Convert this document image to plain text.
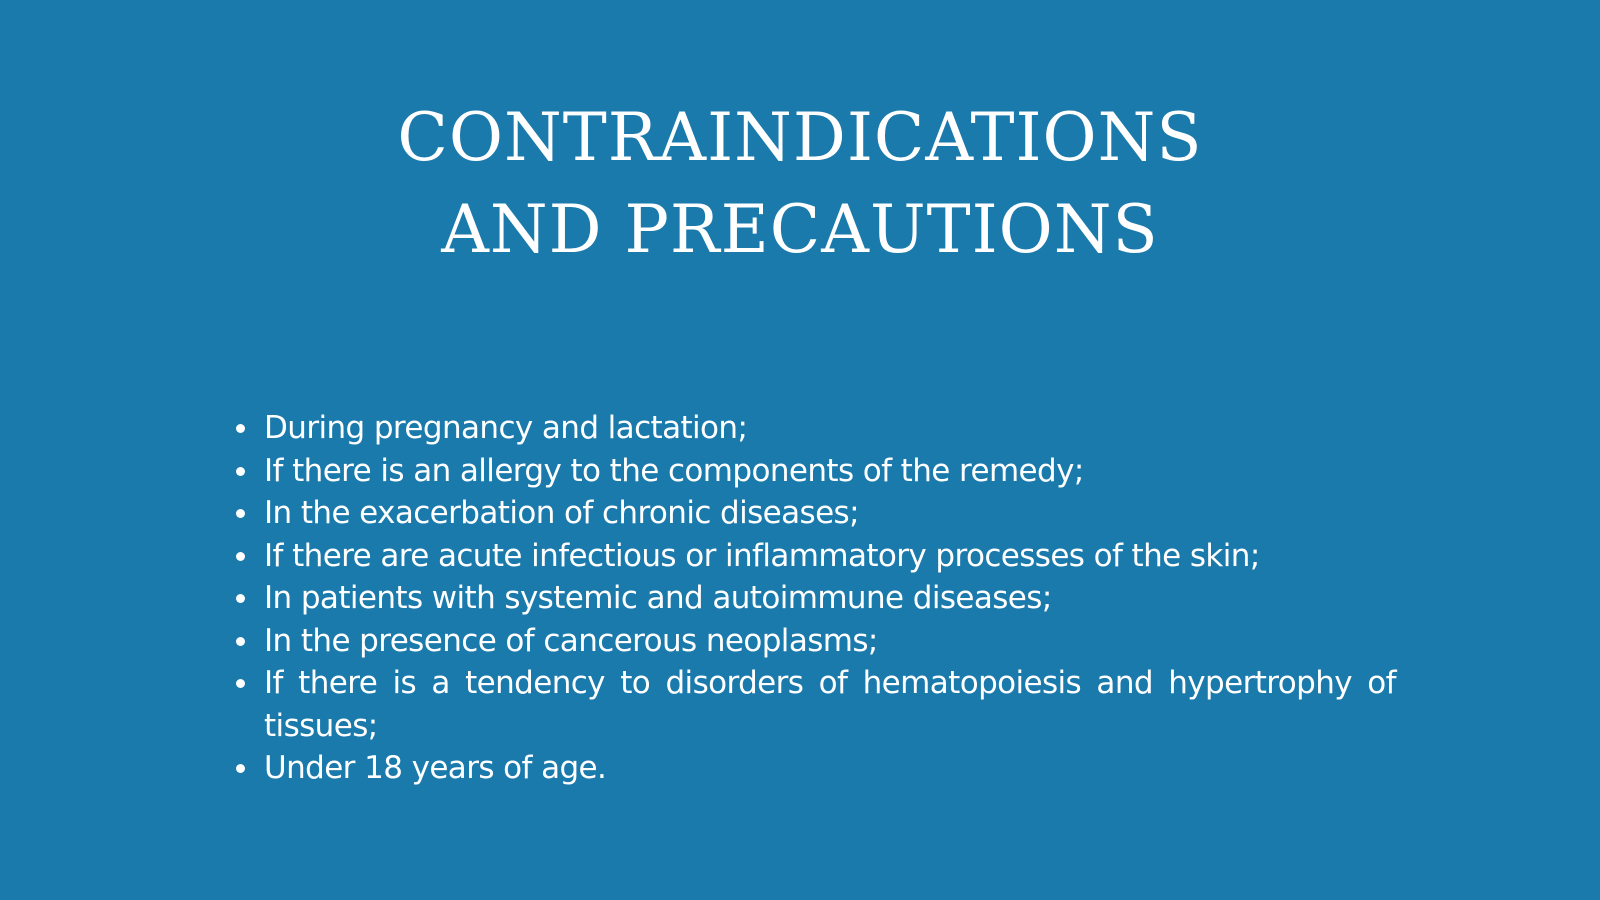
CONTRAINDICATIONS
AND PRECAUTIONS
During pregnancy and lactation;
If there is an allergy to the components of the remedy;
In the exacerbation of chronic diseases;
If there are acute infectious or inflammatory processes of the skin;
In patients with systemic and autoimmune diseases;
In the presence of cancerous neoplasms;
If there is a tendency to disorders of hematopoiesis and hypertrophy of tissues;
Under 18 years of age.
